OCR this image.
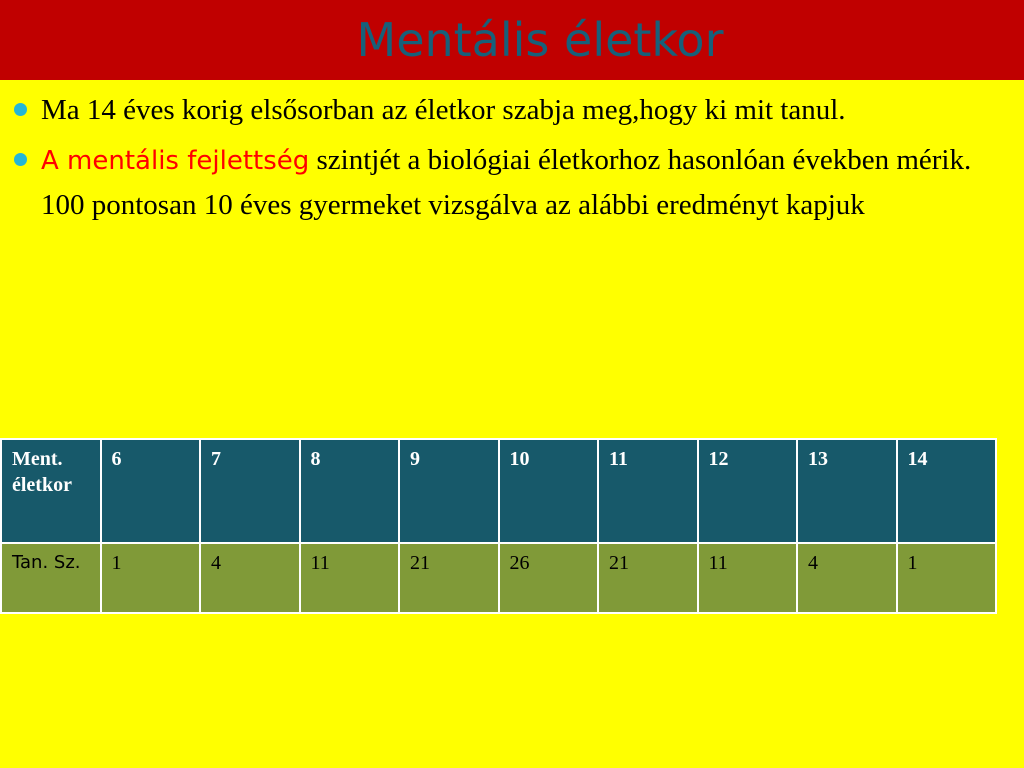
Mentális életkor
Ma 14 éves korig elsősorban az életkor szabja meg,hogy ki mit tanul.
A mentális fejlettség szintjét a biológiai életkorhoz hasonlóan években mérik. 100 pontosan 10 éves gyermeket vizsgálva az alábbi eredményt kapjuk
Ment. életkor	6	7	8	9	10	11	12	13	14
Tan. Sz.	1	4	11	21	26	21	11	4	1
